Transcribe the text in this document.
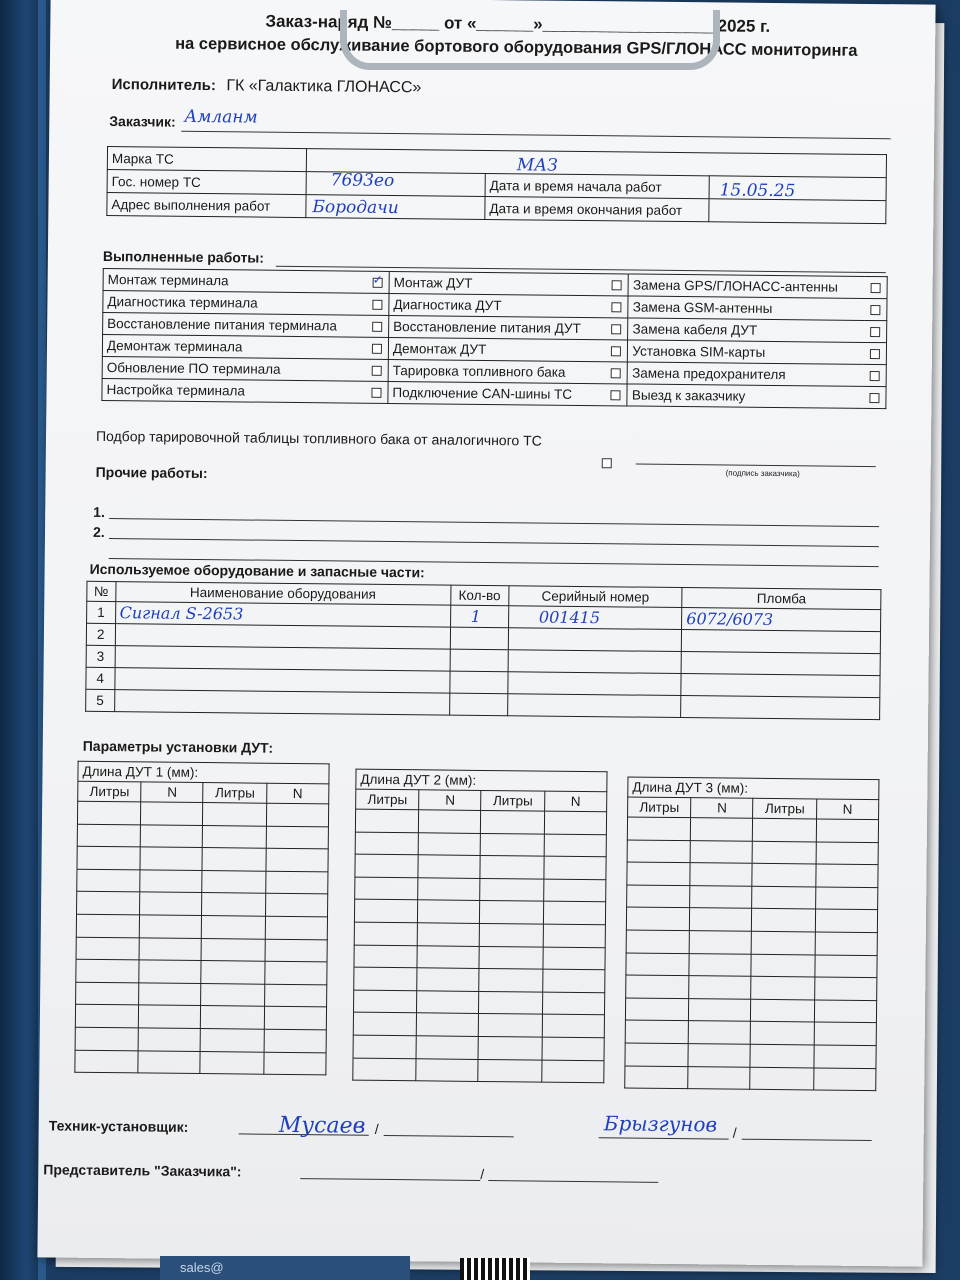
Заказ-наряд №_____ от «______»__________________ 2025 г.
на сервисное обслуживание бортового оборудования GPS/ГЛОНАСС мониторинга
Исполнитель: ГК «Галактика ГЛОНАСС»
Заказчик: Амланм
Марка ТС	МАЗ		

Гос. номер ТС	7693ео	Дата и время начала работ	15.05.25

Адрес выполнения работ	Бородачи	Дата и время окончания работ	
Выполненные работы:
Монтаж терминала	✓	Монтаж ДУТ		Замена GPS/ГЛОНАСС-антенны	
Диагностика терминала		Диагностика ДУТ		Замена GSM-антенны	
Восстановление питания терминала		Восстановление питания ДУТ		Замена кабеля ДУТ	
Демонтаж терминала		Демонтаж ДУТ		Установка SIM-карты	
Обновление ПО терминала		Тарировка топливного бака		Замена предохранителя	
Настройка терминала		Подключение CAN-шины ТС		Выезд к заказчику	
Подбор тарировочной таблицы топливного бака от аналогичного ТС
(подпись заказчика)
Прочие работы:
1.
2.
Используемое оборудование и запасные части:
№	Наименование оборудования	Кол-во	Серийный номер	Пломба
1	Сигнал S-2653	1	001415	6072/6073
2				
3				
4				
5				
Параметры установки ДУТ:
Длина ДУТ 1 (мм):			
Литры	N	Литры	N

Длина ДУТ 2 (мм):			
Литры	N	Литры	N

Длина ДУТ 3 (мм):			
Литры	N	Литры	N

Техник-установщик:	/
Мусаев	/
Брызгунов
Представитель "Заказчика":	/
sales@
